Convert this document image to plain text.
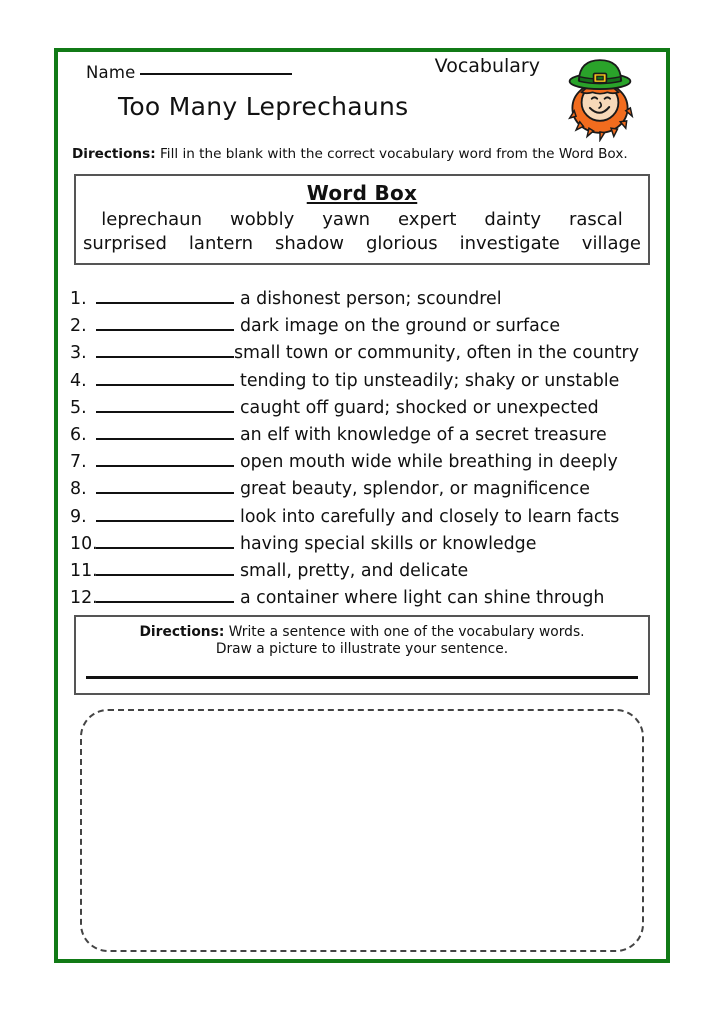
Name	Vocabulary
Too Many Leprechauns
Directions: Fill in the blank with the correct vocabulary word from the Word Box.
Word Box
leprechaun wobbly yawn expert dainty rascal
surprised lantern shadow glorious investigate village
1.	a dishonest person; scoundrel
2.	dark image on the ground or surface
3.	small town or community, often in the country
4.	tending to tip unsteadily; shaky or unstable
5.	caught off guard; shocked or unexpected
6.	an elf with knowledge of a secret treasure
7.	open mouth wide while breathing in deeply
8.	great beauty, splendor, or magnificence
9.	look into carefully and closely to learn facts
10.	having special skills or knowledge
11.	small, pretty, and delicate
12.	a container where light can shine through
Directions: Write a sentence with one of the vocabulary words.
Draw a picture to illustrate your sentence.
